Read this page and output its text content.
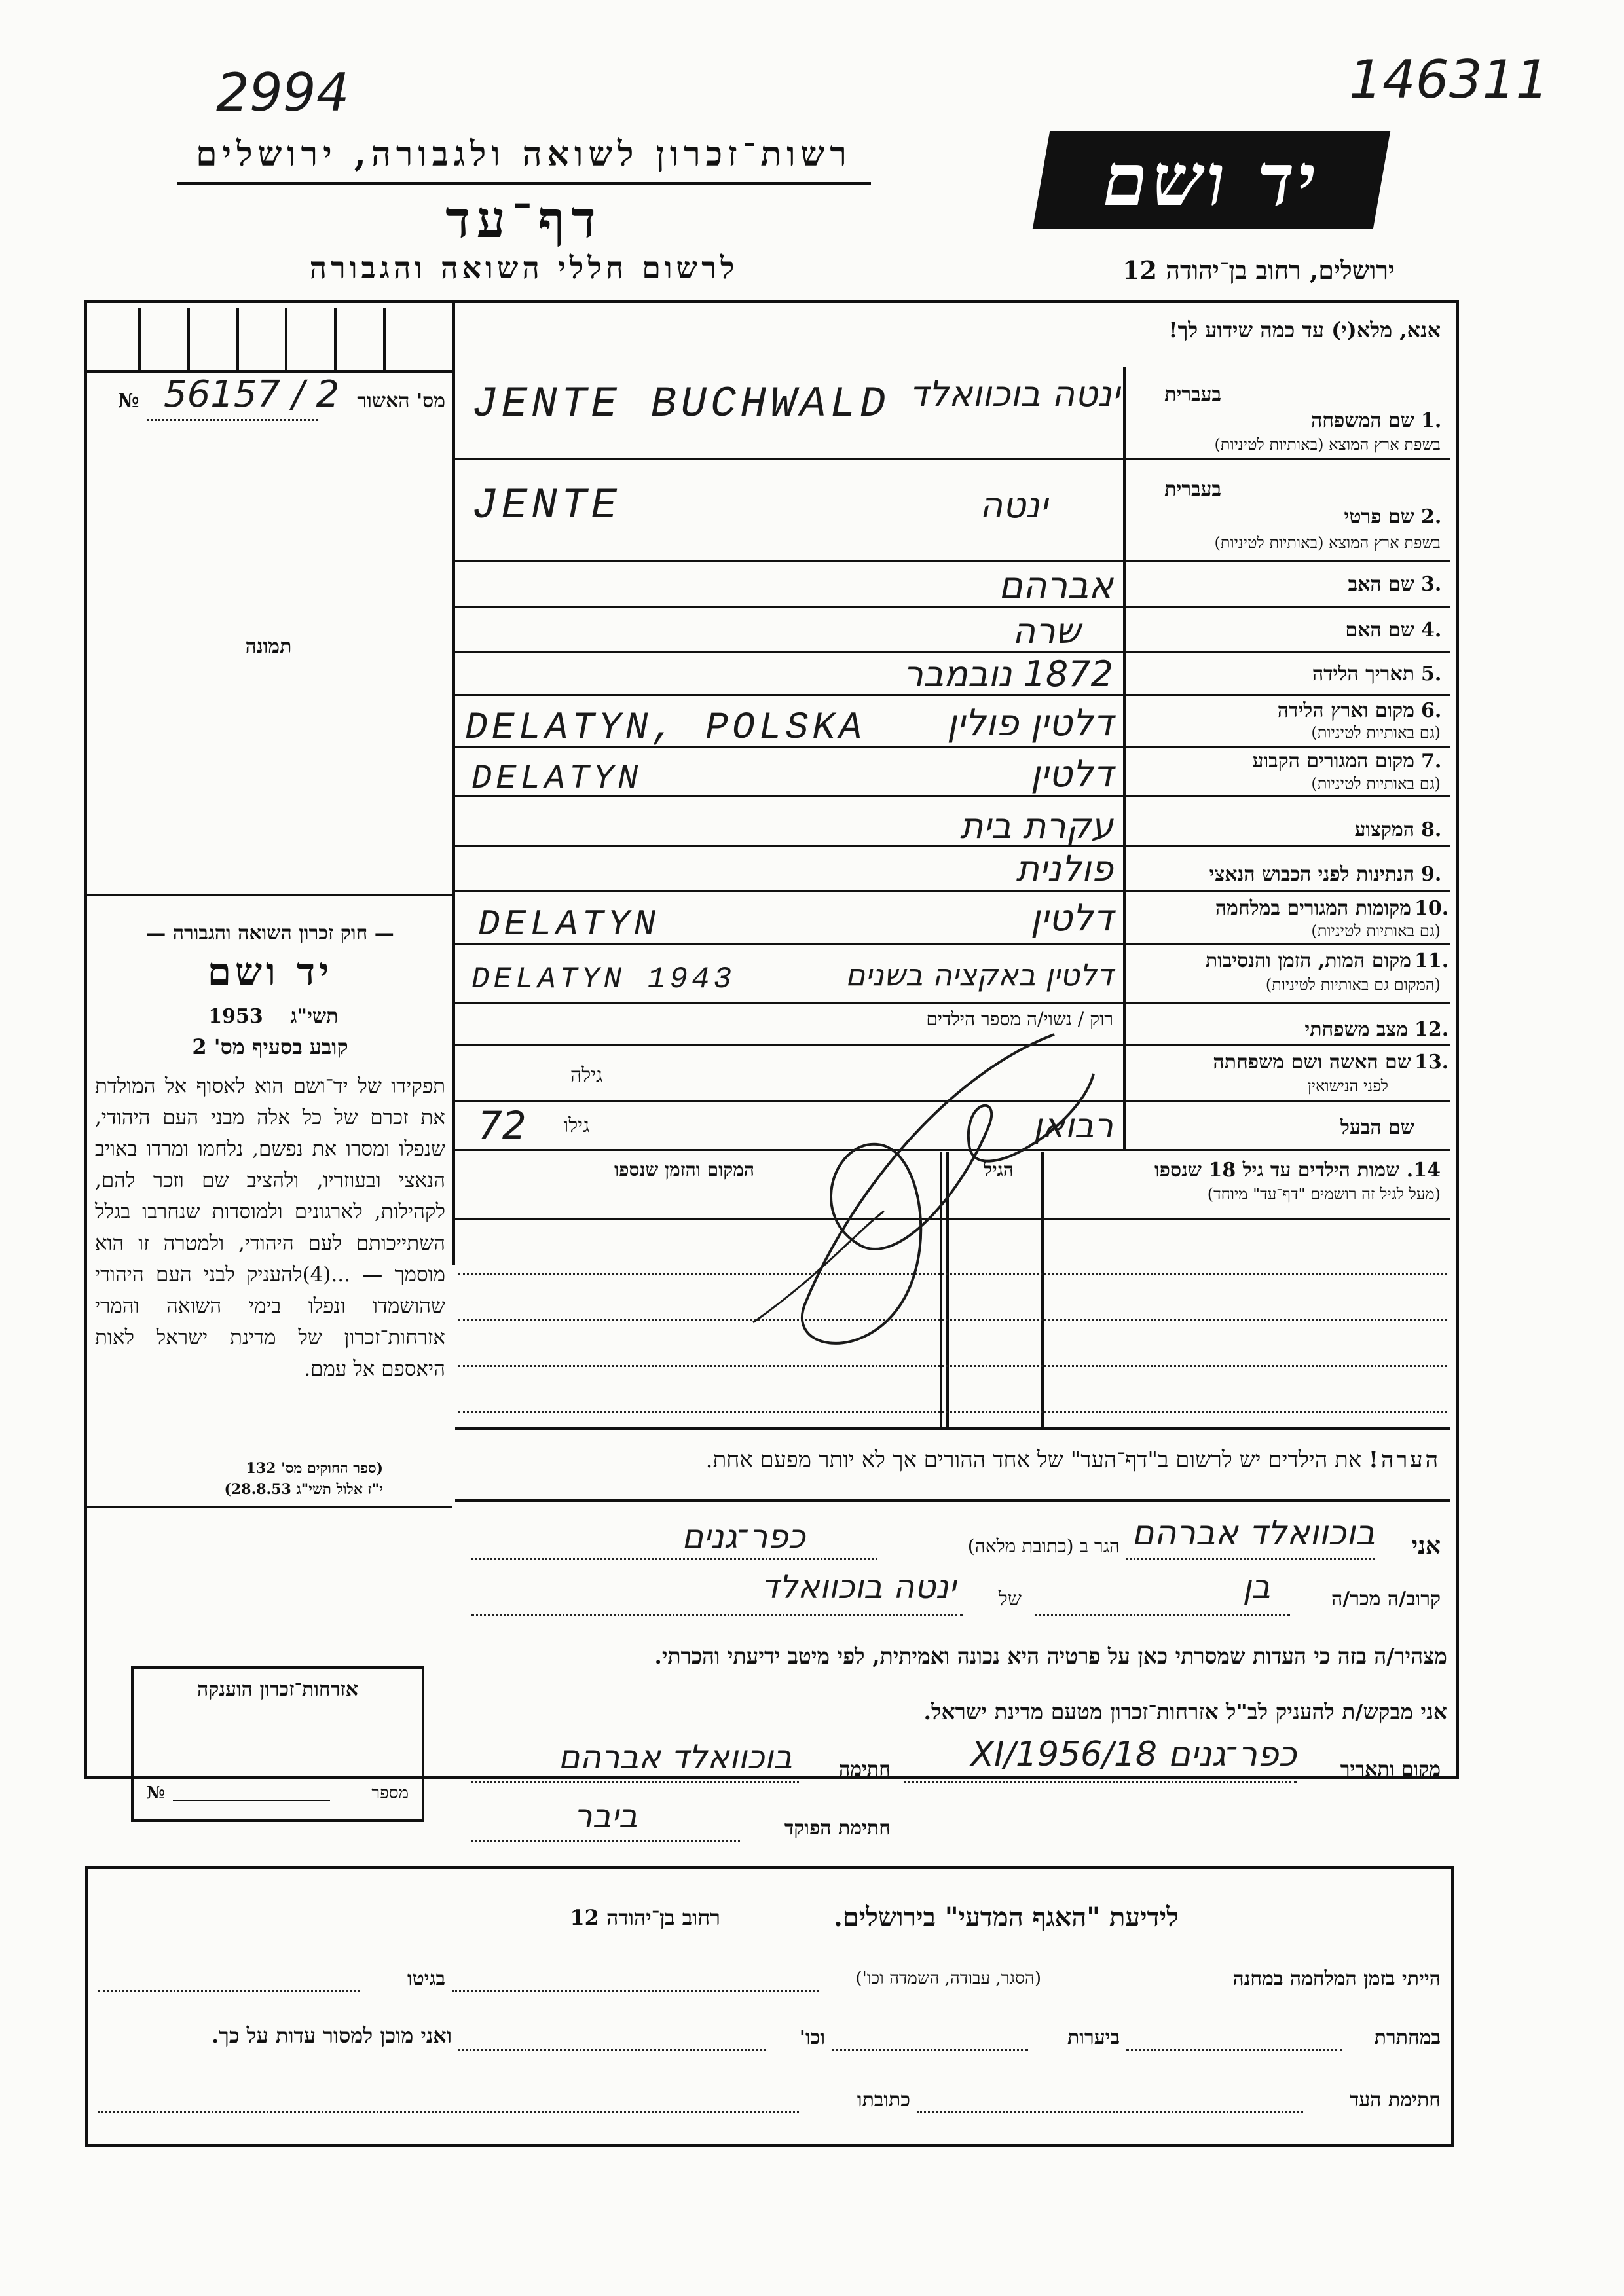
2994	146311
רשות־זכרון לשואה ולגבורה, ירושלים
דף־עד
לרשום חללי השואה והגבורה
יד ושם
ירושלים, רחוב בן־יהודה 12
אנא, מלא(י) עד כמה שידוע לך!
מס' האשור
56157 / 2
№
תמונה
בעברית
1.
שם המשפחה
בשפת ארץ המוצא (באותיות לטיניות)
ינטה בוכוואלד
JENTE BUCHWALD
בעברית
2.
שם פרטי
בשפת ארץ המוצא (באותיות לטיניות)
ינטה
JENTE
3.
שם האב
אברהם
4.
שם האם
שרה
5.
תאריך הלידה
1872 נובמבר
6.
מקום וארץ הלידה
(גם באותיות לטיניות)
דלטין פולין
DELATYN, POLSKA
7.
מקום המגורים הקבוע
(גם באותיות לטיניות)
דלטין
DELATYN
8.
המקצוע
עקרת בית
9.
הנתינות לפני הכבוש הנאצי
פולנית
10.
מקומות המגורים במלחמה
(גם באותיות לטיניות)
דלטין
DELATYN
11.
מקום המות, הזמן והנסיבות
(המקום גם באותיות לטיניות)
דלטין באקציה בשנים
DELATYN 1943
12.
מצב משפחתי
רוק / נשוי/ה מספר הילדים
13.
שם האשה ושם משפחתה
לפני הנישואין
גילה
שם הבעל
רבואן
גילו
72
14. שמות הילדים עד גיל 18 שנספו
(מעל לגיל זה רושמים "דף־עד" מיוחד)
הגיל
המקום והזמן שנספו
— חוק זכרון השואה והגבורה —
יד ושם
תשי"ג
1953
קובע בסעיף מס' 2
תפקידו של יד־ושם הוא לאסוף אל המולדת את זכרם של כל אלה מבני העם היהודי, שנפלו ומסרו את נפשם, נלחמו ומרדו באויב הנאצי ובעוזריו, ולהציב שם וזכר להם, לקהילות, לארגונים ולמוסדות שנחרבו בגלל השתייכותם לעם היהודי, ולמטרה זו הוא מוסמך — ...(4)להעניק לבני העם היהודי שהושמדו ונפלו בימי השואה והמרי אזרחות־זכרון של מדינת ישראל לאות היאספם אל עמם.
(ספר החוקים מס' 132
י"ז אלול תשי"ג 28.8.53)
הערה! את הילדים יש לרשום ב"דף־העד" של אחד ההורים אך לא יותר מפעם אחת.
אני
בוכוואלד אברהם
הגר ב (כתובת מלאה)
כפר־גנים
קרוב/ה מכר/ה
בן
של
ינטה בוכוואלד
מצהיר/ה בזה כי העדות שמסרתי כאן על פרטיה היא נכונה ואמיתית, לפי מיטב ידיעתי והכרתי.
אני מבקש/ת להעניק לב"ל אזרחות־זכרון מטעם מדינת ישראל.
מקום ותאריך
כפר־גנים 18/XI/1956
חתימה
בוכוואלד אברהם
חתימת הפוקד
ביבר
אזרחות־זכרון הוענקה
מספר
№
לידיעת "האגף המדעי" בירושלים.
רחוב בן־יהודה 12
הייתי בזמן המלחמה במחנה
(הסגר, עבודה, השמדה וכו')
בגיטו
במחתרת
ביערות
וכו'
ואני מוכן למסור עדות על כך.
חתימת העד
כתובתו
